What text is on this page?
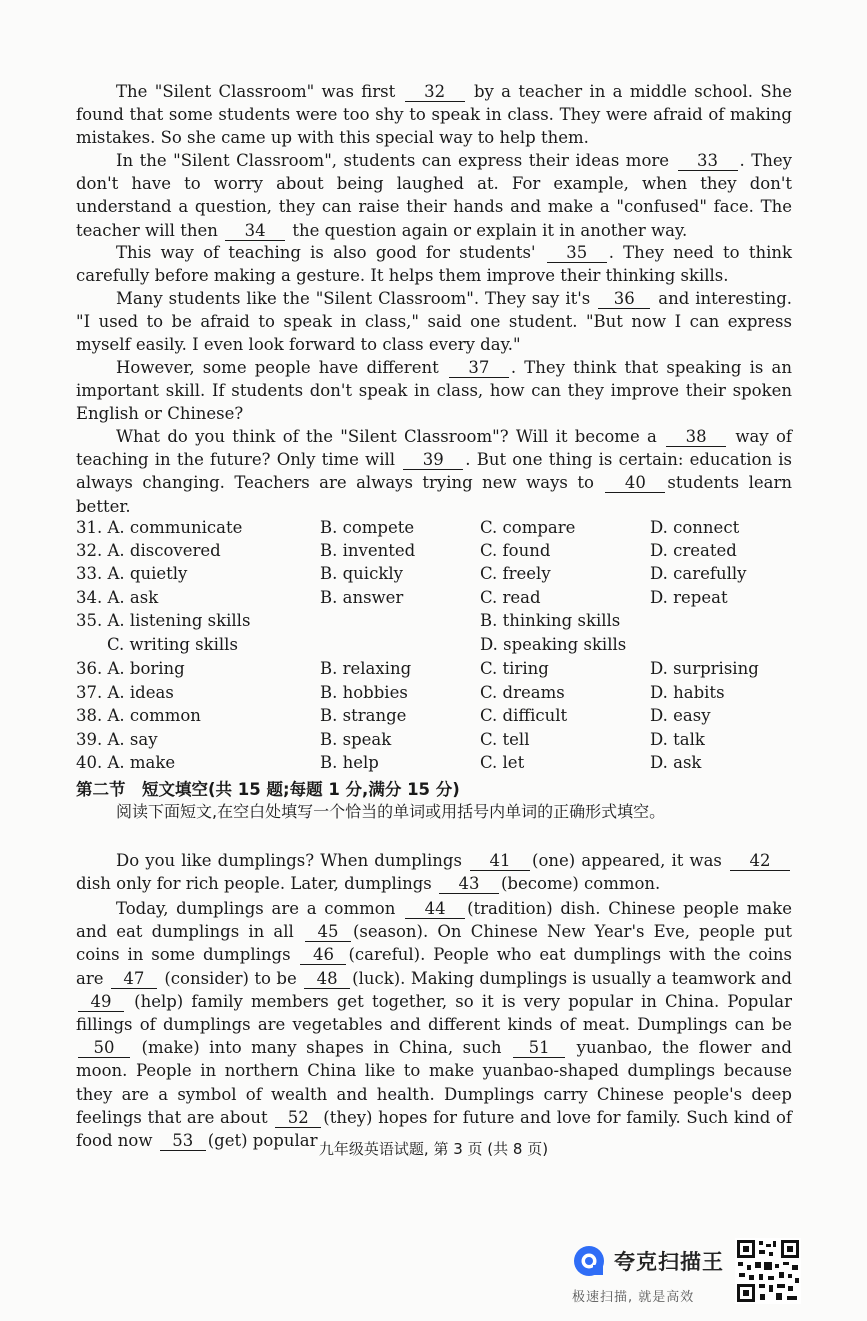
The "Silent Classroom" was first 32 by a teacher in a middle school. She found that some students were too shy to speak in class. They were afraid of making mistakes. So she came up with this special way to help them.

In the "Silent Classroom", students can express their ideas more 33 . They don't have to worry about being laughed at. For example, when they don't understand a question, they can raise their hands and make a "confused" face. The teacher will then 34 the question again or explain it in another way.

This way of teaching is also good for students' 35 . They need to think carefully before making a gesture. It helps them improve their thinking skills.

Many students like the "Silent Classroom". They say it's 36 and interesting. "I used to be afraid to speak in class," said one student. "But now I can express myself easily. I even look forward to class every day."

However, some people have different 37 . They think that speaking is an important skill. If students don't speak in class, how can they improve their spoken English or Chinese?

What do you think of the "Silent Classroom"? Will it become a 38 way of teaching in the future? Only time will 39 . But one thing is certain: education is always changing. Teachers are always trying new ways to 40 students learn better.

31. A. communicate	B. compete	C. compare	D. connect
32. A. discovered	B. invented	C. found	D. created
33. A. quietly	B. quickly	C. freely	D. carefully
34. A. ask	B. answer	C. read	D. repeat
35. A. listening skills	B. thinking skills
C. writing skills	D. speaking skills
36. A. boring	B. relaxing	C. tiring	D. surprising
37. A. ideas	B. hobbies	C. dreams	D. habits
38. A. common	B. strange	C. difficult	D. easy
39. A. say	B. speak	C. tell	D. talk
40. A. make	B. help	C. let	D. ask
第二节　短文填空(共 15 题;每题 1 分,满分 15 分)

阅读下面短文,在空白处填写一个恰当的单词或用括号内单词的正确形式填空。

Do you like dumplings? When dumplings 41 (one) appeared, it was 42 dish only for rich people. Later, dumplings 43 (become) common.

Today, dumplings are a common 44 (tradition) dish. Chinese people make and eat dumplings in all 45 (season). On Chinese New Year's Eve, people put coins in some dumplings 46 (careful). People who eat dumplings with the coins are 47 (consider) to be 48 (luck). Making dumplings is usually a teamwork and 49 (help) family members get together, so it is very popular in China. Popular fillings of dumplings are vegetables and different kinds of meat. Dumplings can be 50 (make) into many shapes in China, such 51 yuanbao, the flower and moon. People in northern China like to make yuanbao-shaped dumplings because they are a symbol of wealth and health. Dumplings carry Chinese people's deep feelings that are about 52 (they) hopes for future and love for family. Such kind of food now 53 (get) popular 九年级英语试题, 第 3 页 (共 8 页)
夸克扫描王
极速扫描, 就是高效
